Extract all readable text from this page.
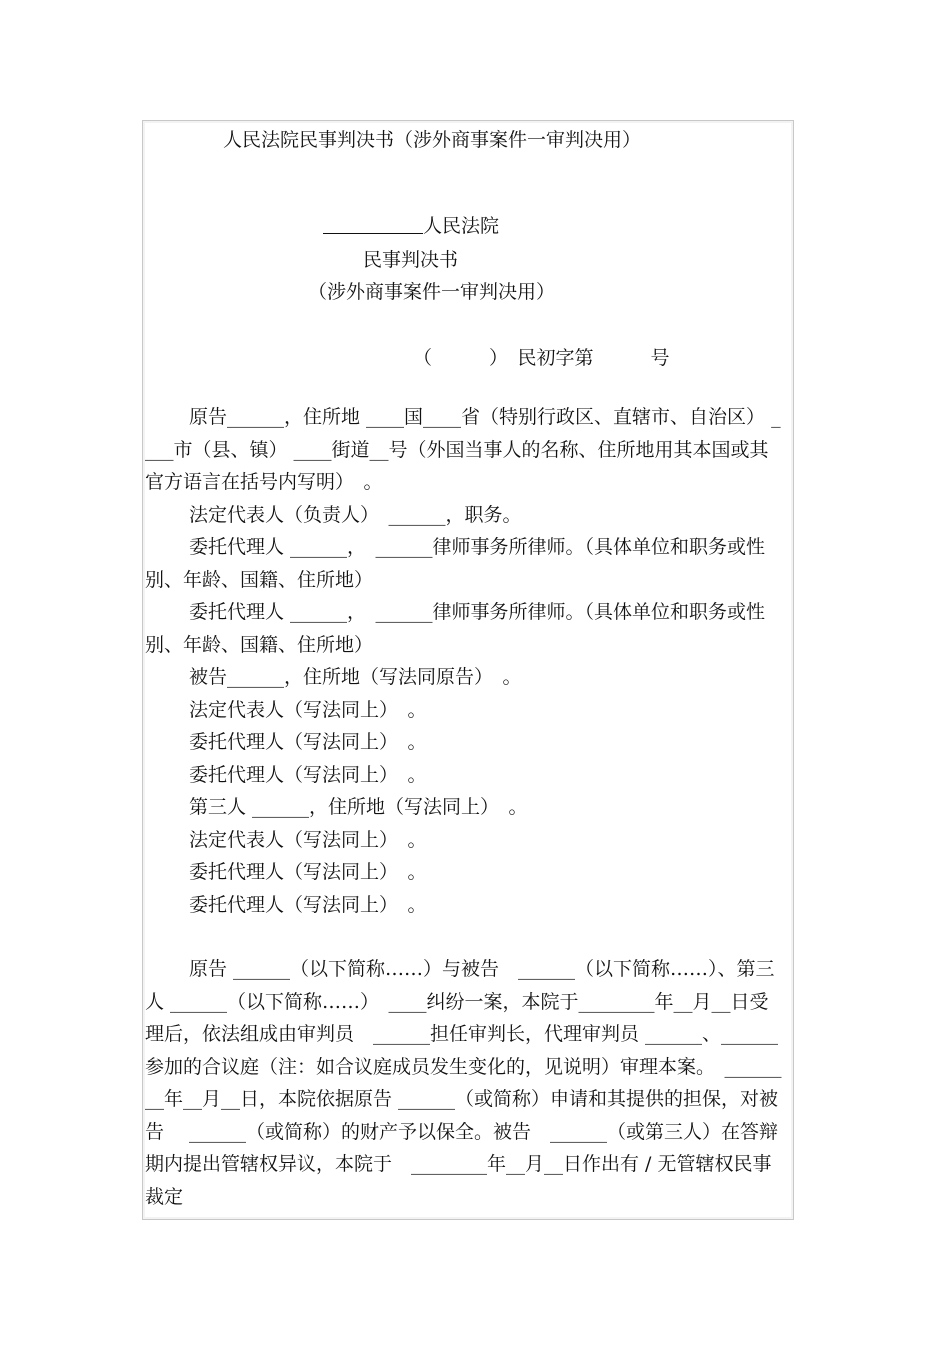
人民法院民事判决书（涉外商事案件一审判决用）
人民法院
民事判决书
（涉外商事案件一审判决用）
（　　　）　民初字第　　　号

原告______，住所地 ____国____省（特别行政区、直辖市、自治区） ____市（县、镇） ____街道__号（外国当事人的名称、住所地用其本国或其官方语言在括号内写明）　。

法定代表人（负责人）　______，职务。

委托代理人 ______，　______律师事务所律师。（具体单位和职务或性别、年龄、国籍、住所地）

委托代理人 ______，　______律师事务所律师。（具体单位和职务或性别、年龄、国籍、住所地）

被告______，住所地（写法同原告）　。

法定代表人（写法同上）　。

委托代理人（写法同上）　。

委托代理人（写法同上）　。

第三人 ______，住所地（写法同上）　。

法定代表人（写法同上）　。

委托代理人（写法同上）　。

委托代理人（写法同上）　。

原告 ______（以下简称……）与被告　______（以下简称……）、第三人 ______（以下简称……）　____纠纷一案，本院于________年__月__日受理后，依法组成由审判员　______担任审判长，代理审判员 ______、______参加的合议庭（注：如合议庭成员发生变化的，见说明）审理本案。　________年__月__日，本院依据原告 ______（或简称）申请和其提供的担保，对被告　 ______（或简称）的财产予以保全。被告　______（或第三人）在答辩期内提出管辖权异议，本院于　________年__月__日作出有 / 无管辖权民事裁定
